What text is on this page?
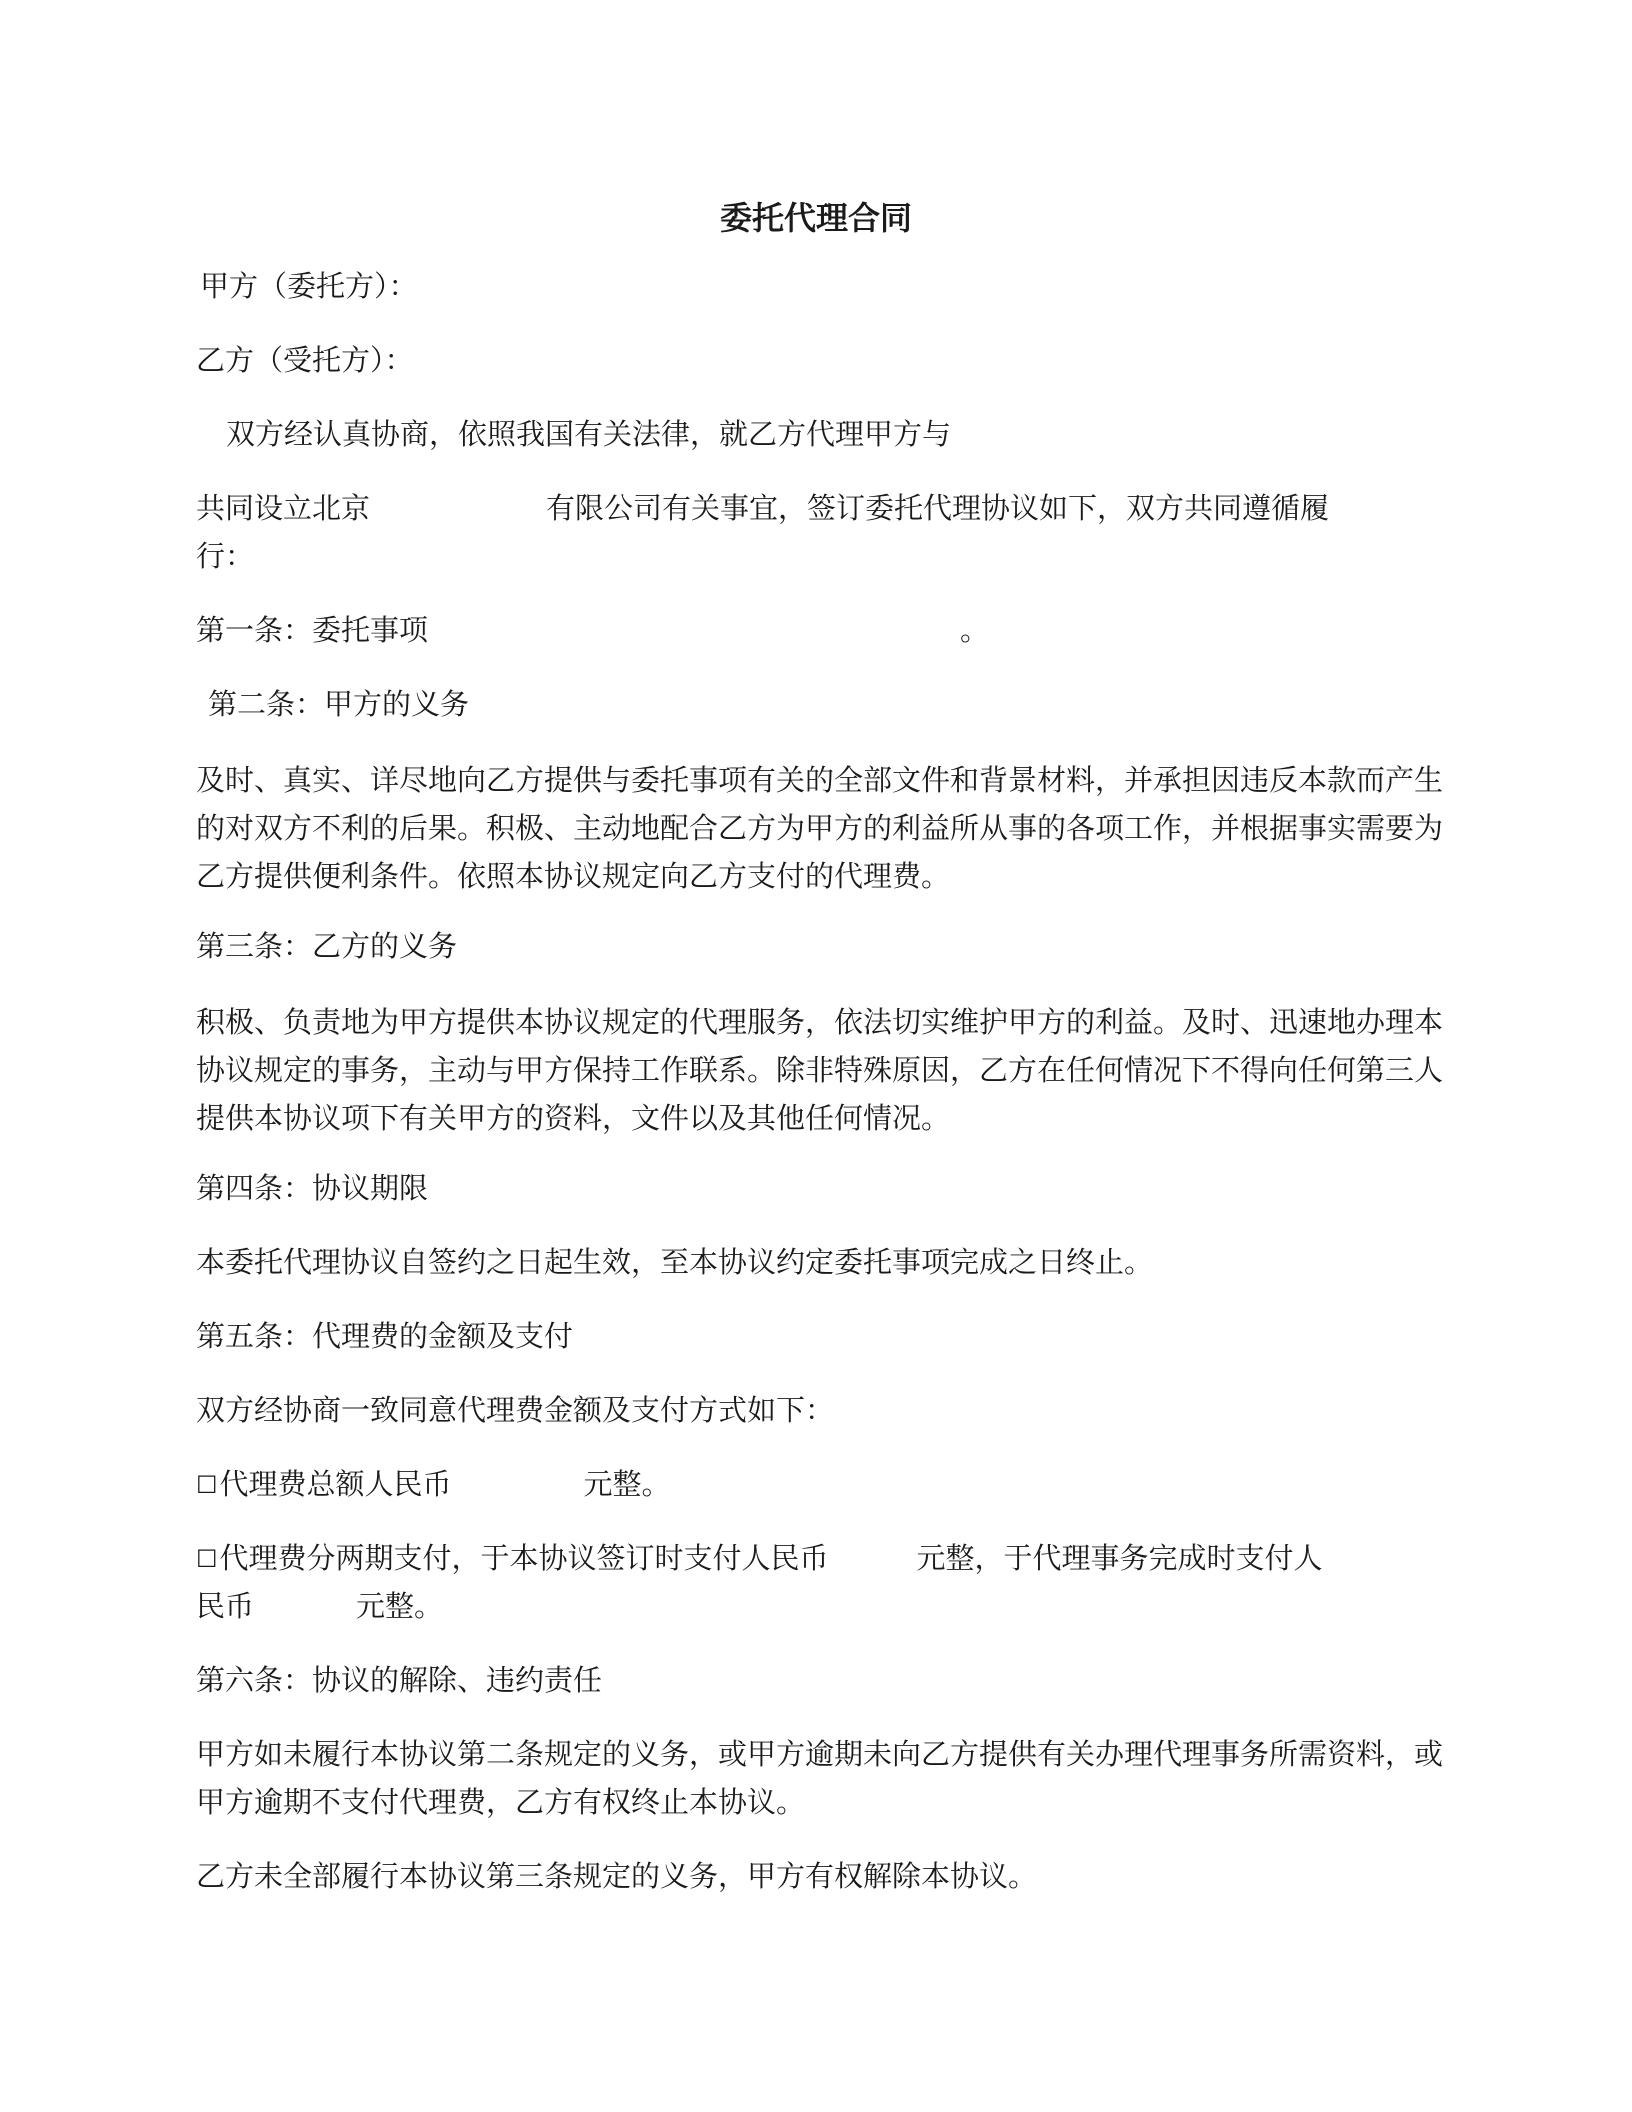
委托代理合同
甲方（委托方）：
乙方（受托方）：
双方经认真协商，依照我国有关法律，就乙方代理甲方与
共同设立北京	有限公司有关事宜，签订委托代理协议如下，双方共同遵循履
行：
第一条：委托事项	。
第二条：甲方的义务
及时、真实、详尽地向乙方提供与委托事项有关的全部文件和背景材料，并承担因违反本款而产生的对双方不利的后果。积极、主动地配合乙方为甲方的利益所从事的各项工作，并根据事实需要为乙方提供便利条件。依照本协议规定向乙方支付的代理费。
第三条：乙方的义务
积极、负责地为甲方提供本协议规定的代理服务，依法切实维护甲方的利益。及时、迅速地办理本协议规定的事务，主动与甲方保持工作联系。除非特殊原因，乙方在任何情况下不得向任何第三人提供本协议项下有关甲方的资料，文件以及其他任何情况。
第四条：协议期限
本委托代理协议自签约之日起生效，至本协议约定委托事项完成之日终止。
第五条：代理费的金额及支付
双方经协商一致同意代理费金额及支付方式如下：
☐代理费总额人民币	元整。
☐代理费分两期支付，于本协议签订时支付人民币	元整，于代理事务完成时支付人
民币	元整。
第六条：协议的解除、违约责任
甲方如未履行本协议第二条规定的义务，或甲方逾期未向乙方提供有关办理代理事务所需资料，或甲方逾期不支付代理费，乙方有权终止本协议。
乙方未全部履行本协议第三条规定的义务，甲方有权解除本协议。
